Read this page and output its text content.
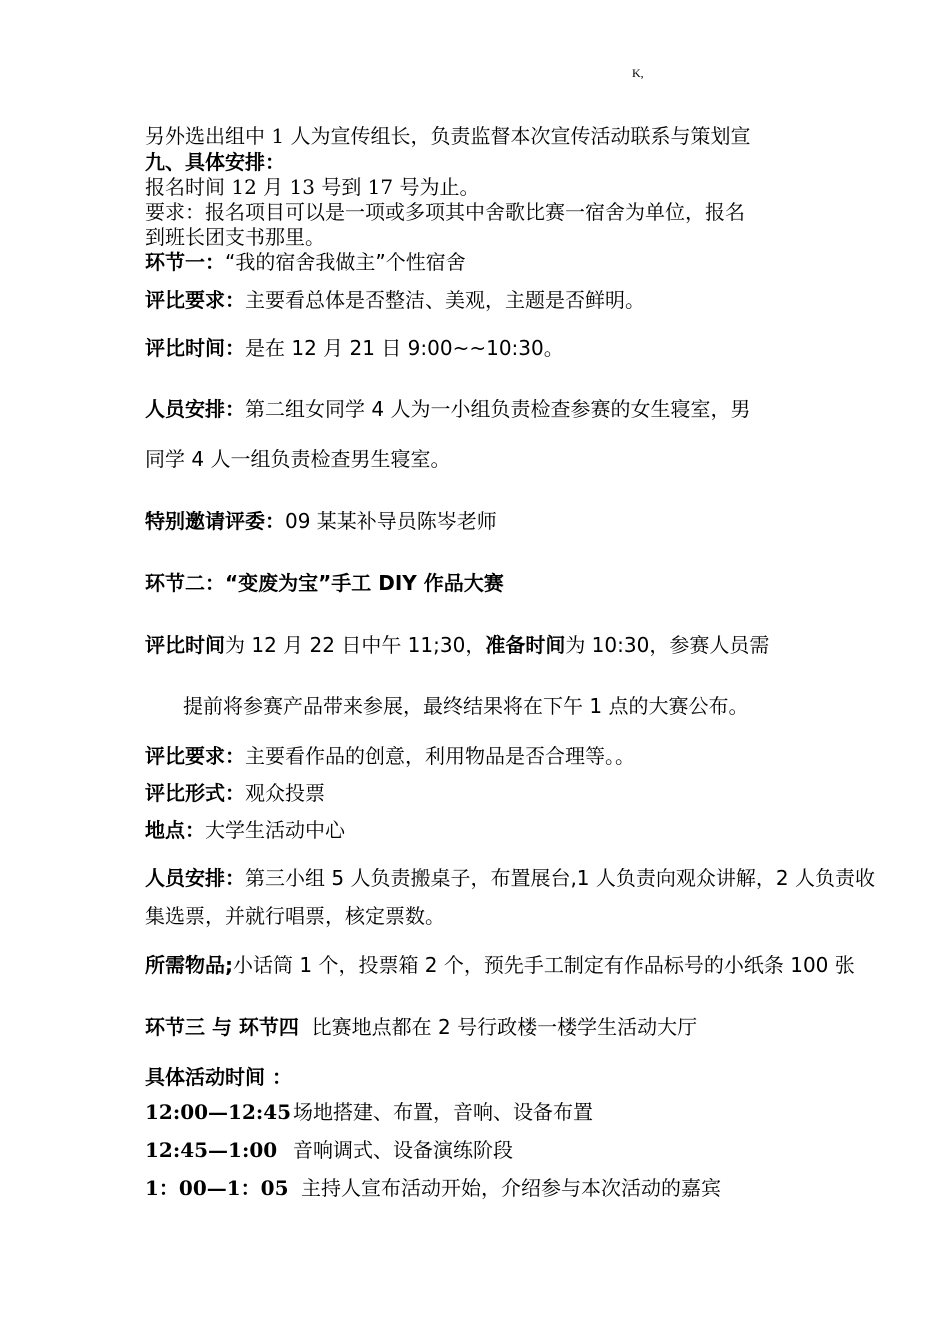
K,
另外选出组中 1 人为宣传组长，负责监督本次宣传活动联系与策划宣
九、具体安排：
报名时间 12 月 13 号到 17 号为止。
要求：报名项目可以是一项或多项其中舍歌比赛一宿舍为单位，报名
到班长团支书那里。
环节一：“我的宿舍我做主”个性宿舍
评比要求：主要看总体是否整洁、美观，主题是否鲜明。
评比时间：是在 12 月 21 日 9:00~~10:30。
人员安排：第二组女同学 4 人为一小组负责检查参赛的女生寝室，男
同学 4 人一组负责检查男生寝室。
特别邀请评委：09 某某补导员陈岑老师
环节二：“变废为宝”手工 DIY 作品大赛
评比时间为 12 月 22 日中午 11;30，准备时间为 10:30，参赛人员需
提前将参赛产品带来参展，最终结果将在下午 1 点的大赛公布。
评比要求：主要看作品的创意，利用物品是否合理等。。
评比形式：观众投票
地点：大学生活动中心
人员安排：第三小组 5 人负责搬桌子，布置展台,1 人负责向观众讲解，2 人负责收
集选票，并就行唱票，核定票数。
所需物品;小话筒 1 个，投票箱 2 个，预先手工制定有作品标号的小纸条 100 张
环节三 与 环节四 比赛地点都在 2 号行政楼一楼学生活动大厅
具体活动时间 ：
12:00—12:45场地搭建、布置，音响、设备布置
12:45—1:00 音响调式、设备演练阶段
1：00—1：05 主持人宣布活动开始，介绍参与本次活动的嘉宾
